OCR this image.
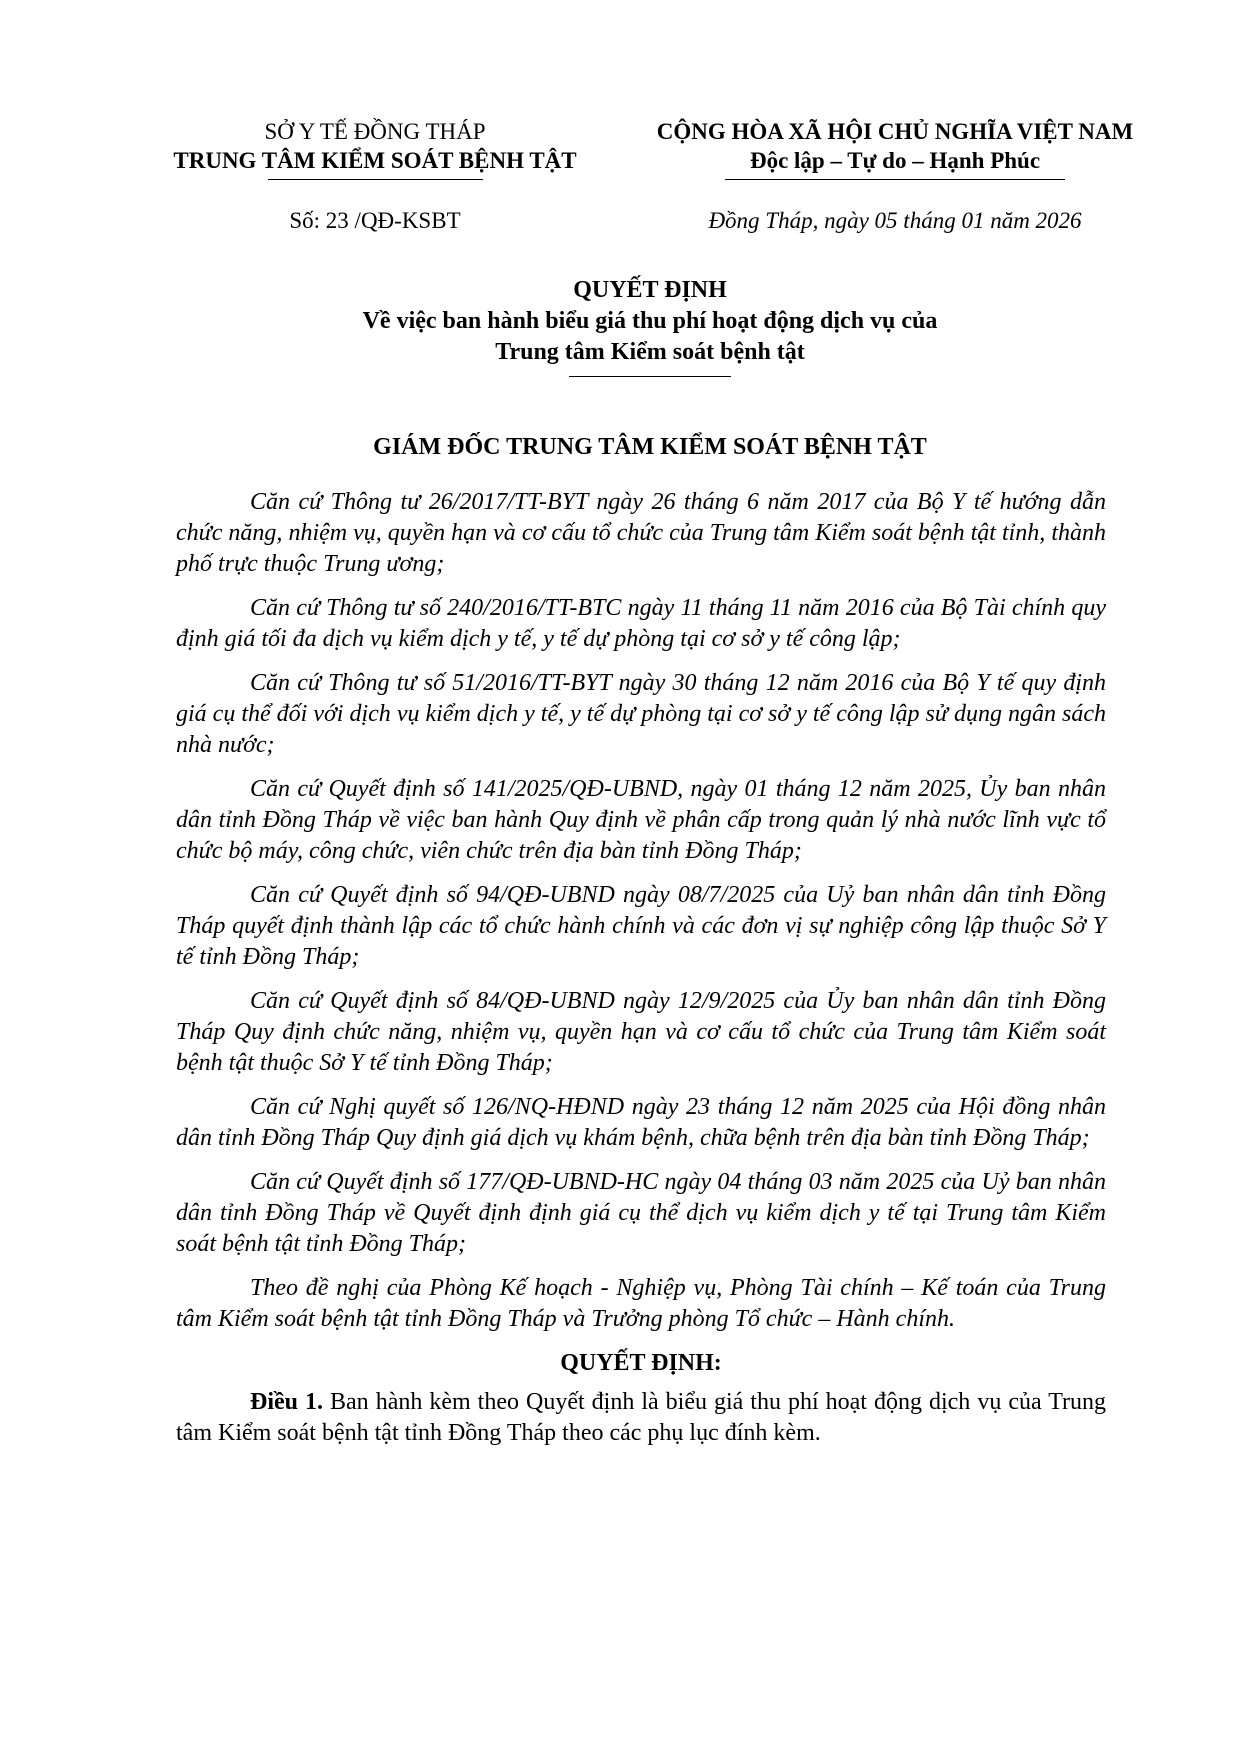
SỞ Y TẾ ĐỒNG THÁP
TRUNG TÂM KIỂM SOÁT BỆNH TẬT
CỘNG HÒA XÃ HỘI CHỦ NGHĨA VIỆT NAM
Độc lập – Tự do – Hạnh Phúc
Số: 23 /QĐ-KSBT	Đồng Tháp, ngày 05 tháng 01 năm 2026
QUYẾT ĐỊNH
Về việc ban hành biểu giá thu phí hoạt động dịch vụ của
Trung tâm Kiểm soát bệnh tật
GIÁM ĐỐC TRUNG TÂM KIỂM SOÁT BỆNH TẬT

Căn cứ Thông tư 26/2017/TT-BYT ngày 26 tháng 6 năm 2017 của Bộ Y tế hướng dẫn chức năng, nhiệm vụ, quyền hạn và cơ cấu tổ chức của Trung tâm Kiểm soát bệnh tật tỉnh, thành phố trực thuộc Trung ương;

Căn cứ Thông tư số 240/2016/TT-BTC ngày 11 tháng 11 năm 2016 của Bộ Tài chính quy định giá tối đa dịch vụ kiểm dịch y tế, y tế dự phòng tại cơ sở y tế công lập;

Căn cứ Thông tư số 51/2016/TT-BYT ngày 30 tháng 12 năm 2016 của Bộ Y tế quy định giá cụ thể đối với dịch vụ kiểm dịch y tế, y tế dự phòng tại cơ sở y tế công lập sử dụng ngân sách nhà nước;

Căn cứ Quyết định số 141/2025/QĐ-UBND, ngày 01 tháng 12 năm 2025, Ủy ban nhân dân tỉnh Đồng Tháp về việc ban hành Quy định về phân cấp trong quản lý nhà nước lĩnh vực tổ chức bộ máy, công chức, viên chức trên địa bàn tỉnh Đồng Tháp;

Căn cứ Quyết định số 94/QĐ-UBND ngày 08/7/2025 của Uỷ ban nhân dân tỉnh Đồng Tháp quyết định thành lập các tổ chức hành chính và các đơn vị sự nghiệp công lập thuộc Sở Y tế tỉnh Đồng Tháp;

Căn cứ Quyết định số 84/QĐ-UBND ngày 12/9/2025 của Ủy ban nhân dân tỉnh Đồng Tháp Quy định chức năng, nhiệm vụ, quyền hạn và cơ cấu tổ chức của Trung tâm Kiểm soát bệnh tật thuộc Sở Y tế tỉnh Đồng Tháp;

Căn cứ Nghị quyết số 126/NQ-HĐND ngày 23 tháng 12 năm 2025 của Hội đồng nhân dân tỉnh Đồng Tháp Quy định giá dịch vụ khám bệnh, chữa bệnh trên địa bàn tỉnh Đồng Tháp;

Căn cứ Quyết định số 177/QĐ-UBND-HC ngày 04 tháng 03 năm 2025 của Uỷ ban nhân dân tỉnh Đồng Tháp về Quyết định định giá cụ thể dịch vụ kiểm dịch y tế tại Trung tâm Kiểm soát bệnh tật tỉnh Đồng Tháp;

Theo đề nghị của Phòng Kế hoạch - Nghiệp vụ, Phòng Tài chính – Kế toán của Trung tâm Kiểm soát bệnh tật tỉnh Đồng Tháp và Trưởng phòng Tổ chức – Hành chính.

QUYẾT ĐỊNH:

Điều 1. Ban hành kèm theo Quyết định là biểu giá thu phí hoạt động dịch vụ của Trung tâm Kiểm soát bệnh tật tỉnh Đồng Tháp theo các phụ lục đính kèm.
